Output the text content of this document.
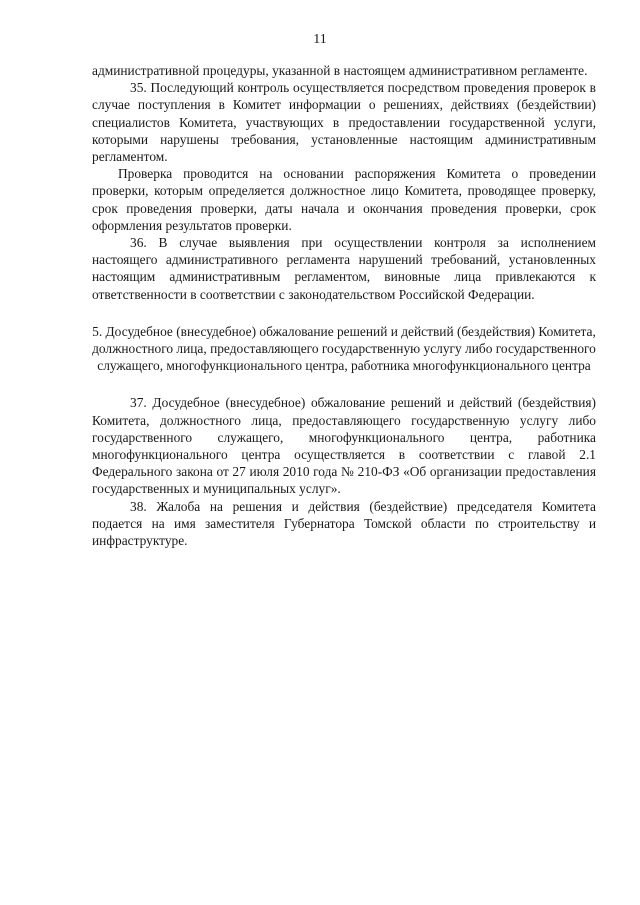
11

административной процедуры, указанной в настоящем административном регламенте.

35. Последующий контроль осуществляется посредством проведения проверок в случае поступления в Комитет информации о решениях, действиях (бездействии) специалистов Комитета, участвующих в предоставлении государственной услуги, которыми нарушены требования, установленные настоящим административным регламентом.

Проверка проводится на основании распоряжения Комитета о проведении проверки, которым определяется должностное лицо Комитета, проводящее проверку, срок проведения проверки, даты начала и окончания проведения проверки, срок оформления результатов проверки.

36. В случае выявления при осуществлении контроля за исполнением настоящего административного регламента нарушений требований, установленных настоящим административным регламентом, виновные лица привлекаются к ответственности в соответствии с законодательством Российской Федерации.

5. Досудебное (внесудебное) обжалование решений и действий (бездействия) Комитета, должностного лица, предоставляющего государственную услугу либо государственного служащего, многофункционального центра, работника многофункционального центра

37. Досудебное (внесудебное) обжалование решений и действий (бездействия) Комитета, должностного лица, предоставляющего государственную услугу либо государственного служащего, многофункционального центра, работника многофункционального центра осуществляется в соответствии с главой 2.1 Федерального закона от 27 июля 2010 года № 210-ФЗ «Об организации предоставления государственных и муниципальных услуг».

38. Жалоба на решения и действия (бездействие) председателя Комитета подается на имя заместителя Губернатора Томской области по строительству и инфраструктуре.
